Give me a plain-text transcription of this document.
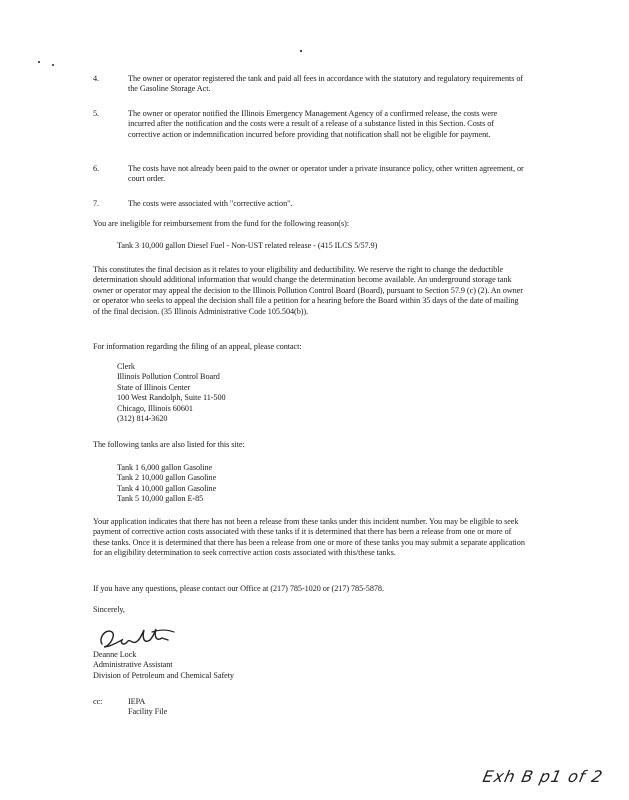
4.	The owner or operator registered the tank and paid all fees in accordance with the statutory and regulatory requirements of the Gasoline Storage Act.
5.	The owner or operator notified the Illinois Emergency Management Agency of a confirmed release, the costs were incurred after the notification and the costs were a result of a release of a substance listed in this Section. Costs of corrective action or indemnification incurred before providing that notification shall not be eligible for payment.
6.	The costs have not already been paid to the owner or operator under a private insurance policy, other written agreement, or court order.
7.	The costs were associated with "corrective action".
You are ineligible for reimbursement from the fund for the following reason(s):
Tank 3 10,000 gallon Diesel Fuel - Non-UST related release - (415 ILCS 5/57.9)
This constitutes the final decision as it relates to your eligibility and deductibility. We reserve the right to change the deductible determination should additional information that would change the determination become available. An underground storage tank owner or operator may appeal the decision to the Illinois Pollution Control Board (Board), pursuant to Section 57.9 (c) (2). An owner or operator who seeks to appeal the decision shall file a petition for a hearing before the Board within 35 days of the date of mailing of the final decision. (35 Illinois Administrative Code 105.504(b)).
For information regarding the filing of an appeal, please contact:
Clerk
Illinois Pollution Control Board
State of Illinois Center
100 West Randolph, Suite 11-500
Chicago, Illinois 60601
(312) 814-3620
The following tanks are also listed for this site:
Tank 1 6,000 gallon Gasoline
Tank 2 10,000 gallon Gasoline
Tank 4 10,000 gallon Gasoline
Tank 5 10,000 gallon E-85
Your application indicates that there has not been a release from these tanks under this incident number. You may be eligible to seek payment of corrective action costs associated with these tanks if it is determined that there has been a release from one or more of these tanks. Once it is determined that there has been a release from one or more of these tanks you may submit a separate application for an eligibility determination to seek corrective action costs associated with this/these tanks.
If you have any questions, please contact our Office at (217) 785-1020 or (217) 785-5878.
Sincerely,
Deanne Lock
Administrative Assistant
Division of Petroleum and Chemical Safety
cc:	IEPA
Facility File
Exh B p1 of 2
